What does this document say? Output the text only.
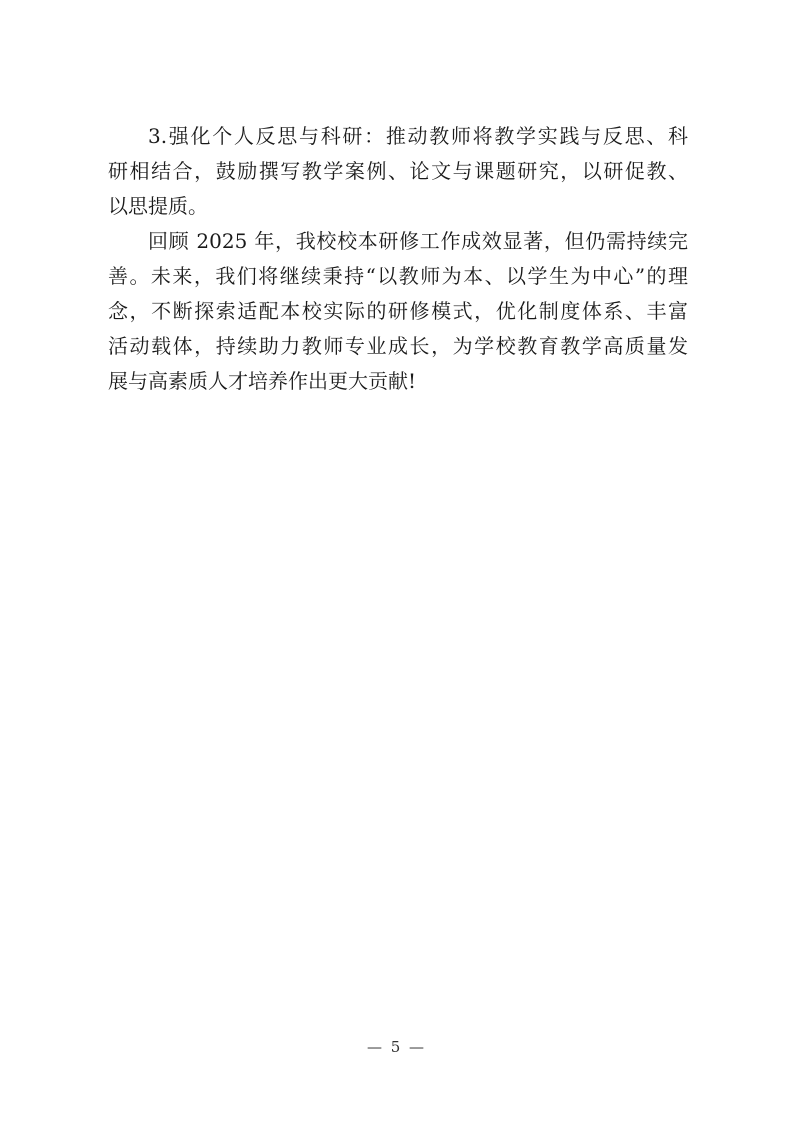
3.强化个人反思与科研：推动教师将教学实践与反思、科
研相结合，鼓励撰写教学案例、论文与课题研究，以研促教、
以思提质。
回顾 2025 年，我校校本研修工作成效显著，但仍需持续完
善。未来，我们将继续秉持“以教师为本、以学生为中心”的理
念，不断探索适配本校实际的研修模式，优化制度体系、丰富
活动载体，持续助力教师专业成长，为学校教育教学高质量发
展与高素质人才培养作出更大贡献!
— 5 —
